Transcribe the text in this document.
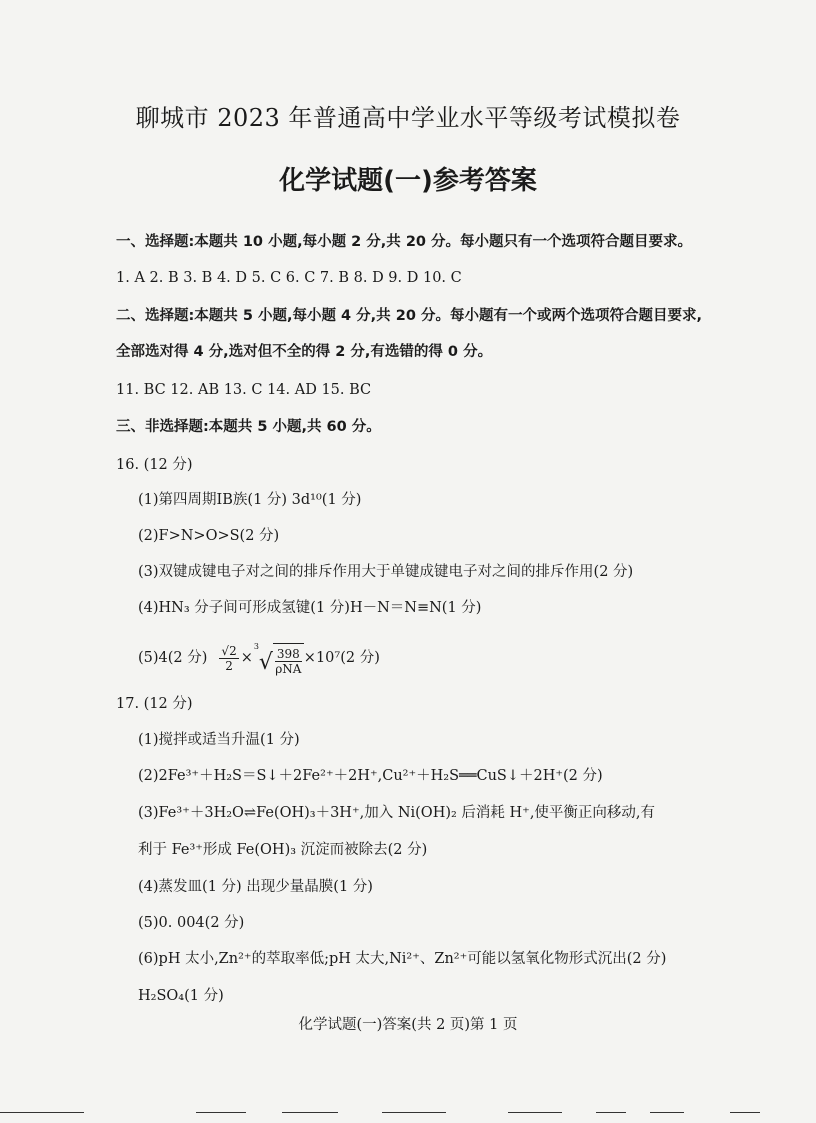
聊城市 2023 年普通高中学业水平等级考试模拟卷
化学试题(一)参考答案
一、选择题:本题共 10 小题,每小题 2 分,共 20 分。每小题只有一个选项符合题目要求。
1. A 2. B 3. B 4. D 5. C 6. C 7. B 8. D 9. D 10. C
二、选择题:本题共 5 小题,每小题 4 分,共 20 分。每小题有一个或两个选项符合题目要求,
全部选对得 4 分,选对但不全的得 2 分,有选错的得 0 分。
11. BC 12. AB 13. C 14. AD 15. BC
三、非选择题:本题共 5 小题,共 60 分。
16. (12 分)
(1)第四周期ⅠB族(1 分) 3d¹⁰(1 分)
(2)F>N>O>S(2 分)
(3)双键成键电子对之间的排斥作用大于单键成键电子对之间的排斥作用(2 分)
(4)HN₃ 分子间可形成氢键(1 分)H－N＝N≡N(1 分)
(5)4(2 分) $\frac{√2}{2}$ ×
3
√ $\frac{398}{\text{ρNA}} \times 10^7(2$ 分)
17. (12 分)
(1)搅拌或适当升温(1 分)
(2)2Fe³⁺＋H₂S＝S↓＋2Fe²⁺＋2H⁺,Cu²⁺＋H₂S══CuS↓＋2H⁺(2 分)
(3)Fe³⁺＋3H₂O⇌Fe(OH)₃＋3H⁺,加入 Ni(OH)₂ 后消耗 H⁺,使平衡正向移动,有
利于 Fe³⁺形成 Fe(OH)₃ 沉淀而被除去(2 分)
(4)蒸发皿(1 分) 出现少量晶膜(1 分)
(5)0. 004(2 分)
(6)pH 太小,Zn²⁺的萃取率低;pH 太大,Ni²⁺、Zn²⁺可能以氢氧化物形式沉出(2 分)
H₂SO₄(1 分)
化学试题(一)答案(共 2 页)第 1 页
